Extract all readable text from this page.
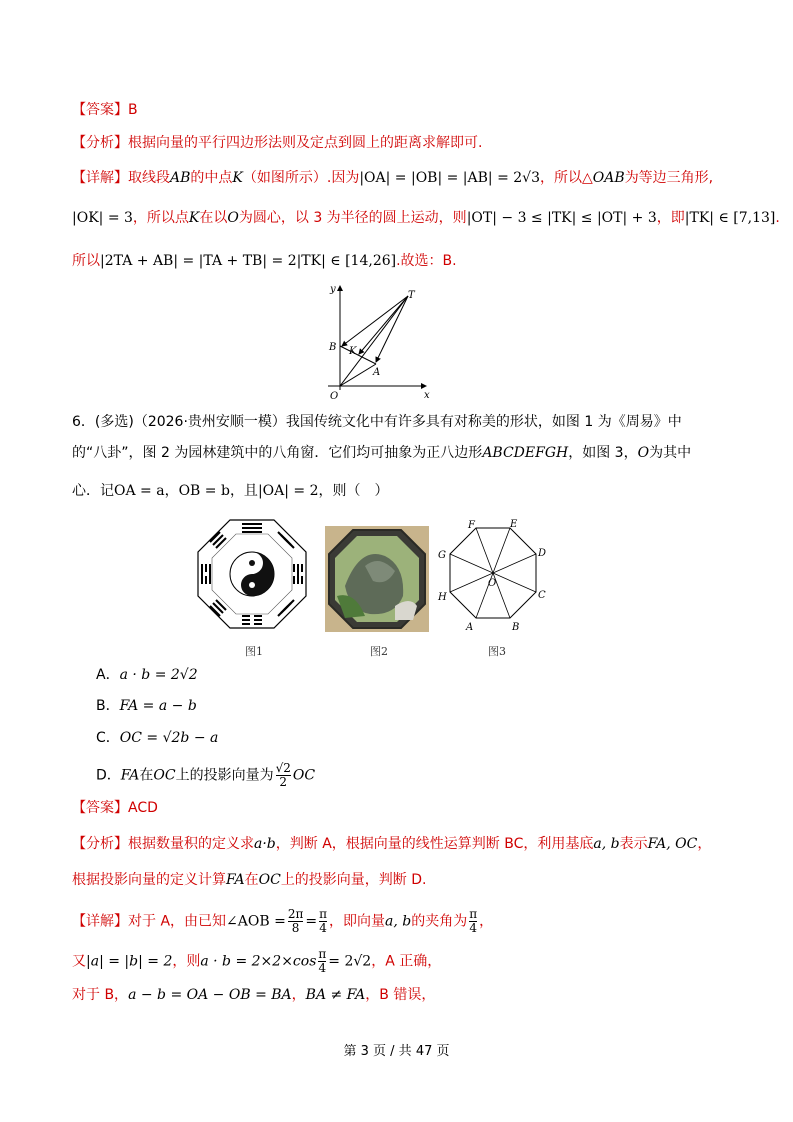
【答案】B
【分析】根据向量的平行四边形法则及定点到圆上的距离求解即可.
【详解】取线段AB的中点K（如图所示）.因为|OA| = |OB| = |AB| = 2√3，所以△OAB为等边三角形,
|OK| = 3，所以点K在以O为圆心，以 3 为半径的圆上运动，则|OT| − 3 ≤ |TK| ≤ |OT| + 3，即|TK| ∈ [7,13].
所以|2TA + AB| = |TA + TB| = 2|TK| ∈ [14,26].故选：B.
y
x
O
B K
A
T
6．(多选)（2026·贵州安顺一模）我国传统文化中有许多具有对称美的形状，如图 1 为《周易》中
的“八卦”，图 2 为园林建筑中的八角窗．它们均可抽象为正八边形ABCDEFGH，如图 3，O为其中
心．记OA = a，OB = b，且|OA| = 2，则（　）
图1	图2
F	E
D
C
B
A
H
G
O
图3
A．a · b = 2√2
B．FA = a − b
C．OC = √2b − a
D．FA在OC上的投影向量为 $\frac{√2}{2}$ OC
【答案】ACD
【分析】根据数量积的定义求a·b，判断 A，根据向量的线性运算判断 BC，利用基底a, b表示FA, OC，
根据投影向量的定义计算FA在OC上的投影向量，判断 D.
【详解】对于 A，由已知∠AOB = $\frac{2\pi}{8} = \frac{\pi}{4}$ ，即向量a, b的夹角为 $\frac{\pi}{4}$ ，
又|a| = |b| = 2，则$a \cdot b = 2\times 2\times\cos \frac{\pi}{4} = 2√2$，A 正确，
对于 B，a − b = OA − OB = BA，BA ≠ FA，B 错误，
第 3 页 / 共 47 页
